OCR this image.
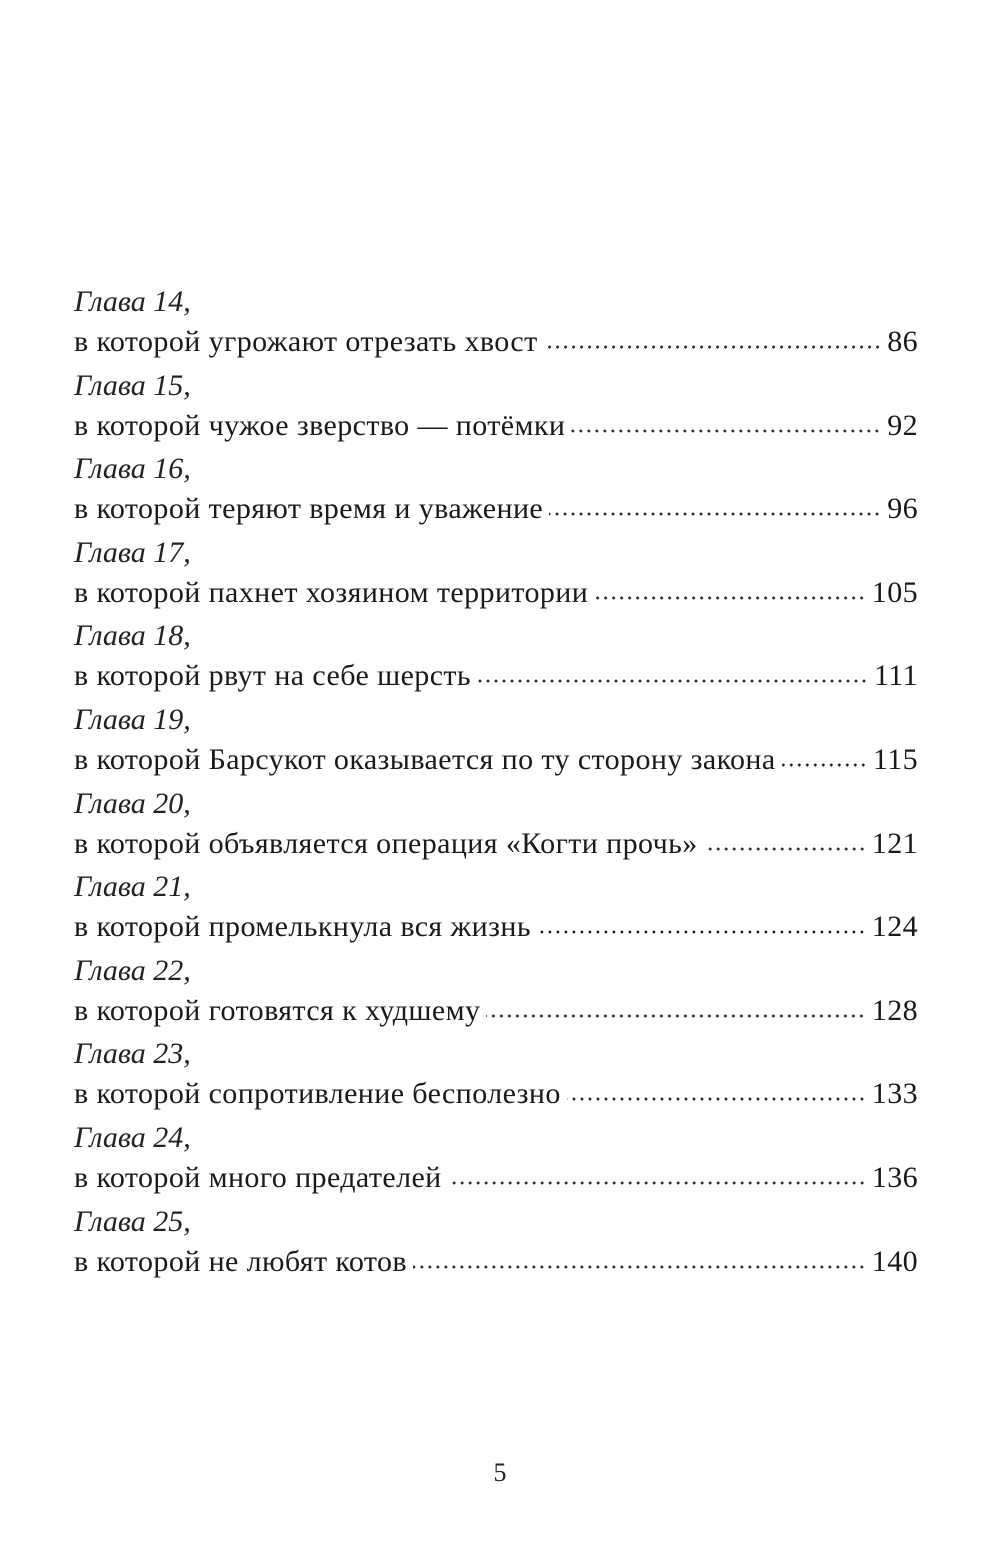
Глава 14,
в которой угрожают отрезать хвост	86
Глава 15,
в которой чужое зверство — потёмки	92
Глава 16,
в которой теряют время и уважение	96
Глава 17,
в которой пахнет хозяином территории	105
Глава 18,
в которой рвут на себе шерсть	111
Глава 19,
в которой Барсукот оказывается по ту сторону закона	115
Глава 20,
в которой объявляется операция «Когти прочь»	121
Глава 21,
в которой промелькнула вся жизнь	124
Глава 22,
в которой готовятся к худшему	128
Глава 23,
в которой сопротивление бесполезно	133
Глава 24,
в которой много предателей	136
Глава 25,
в которой не любят котов	140
5
